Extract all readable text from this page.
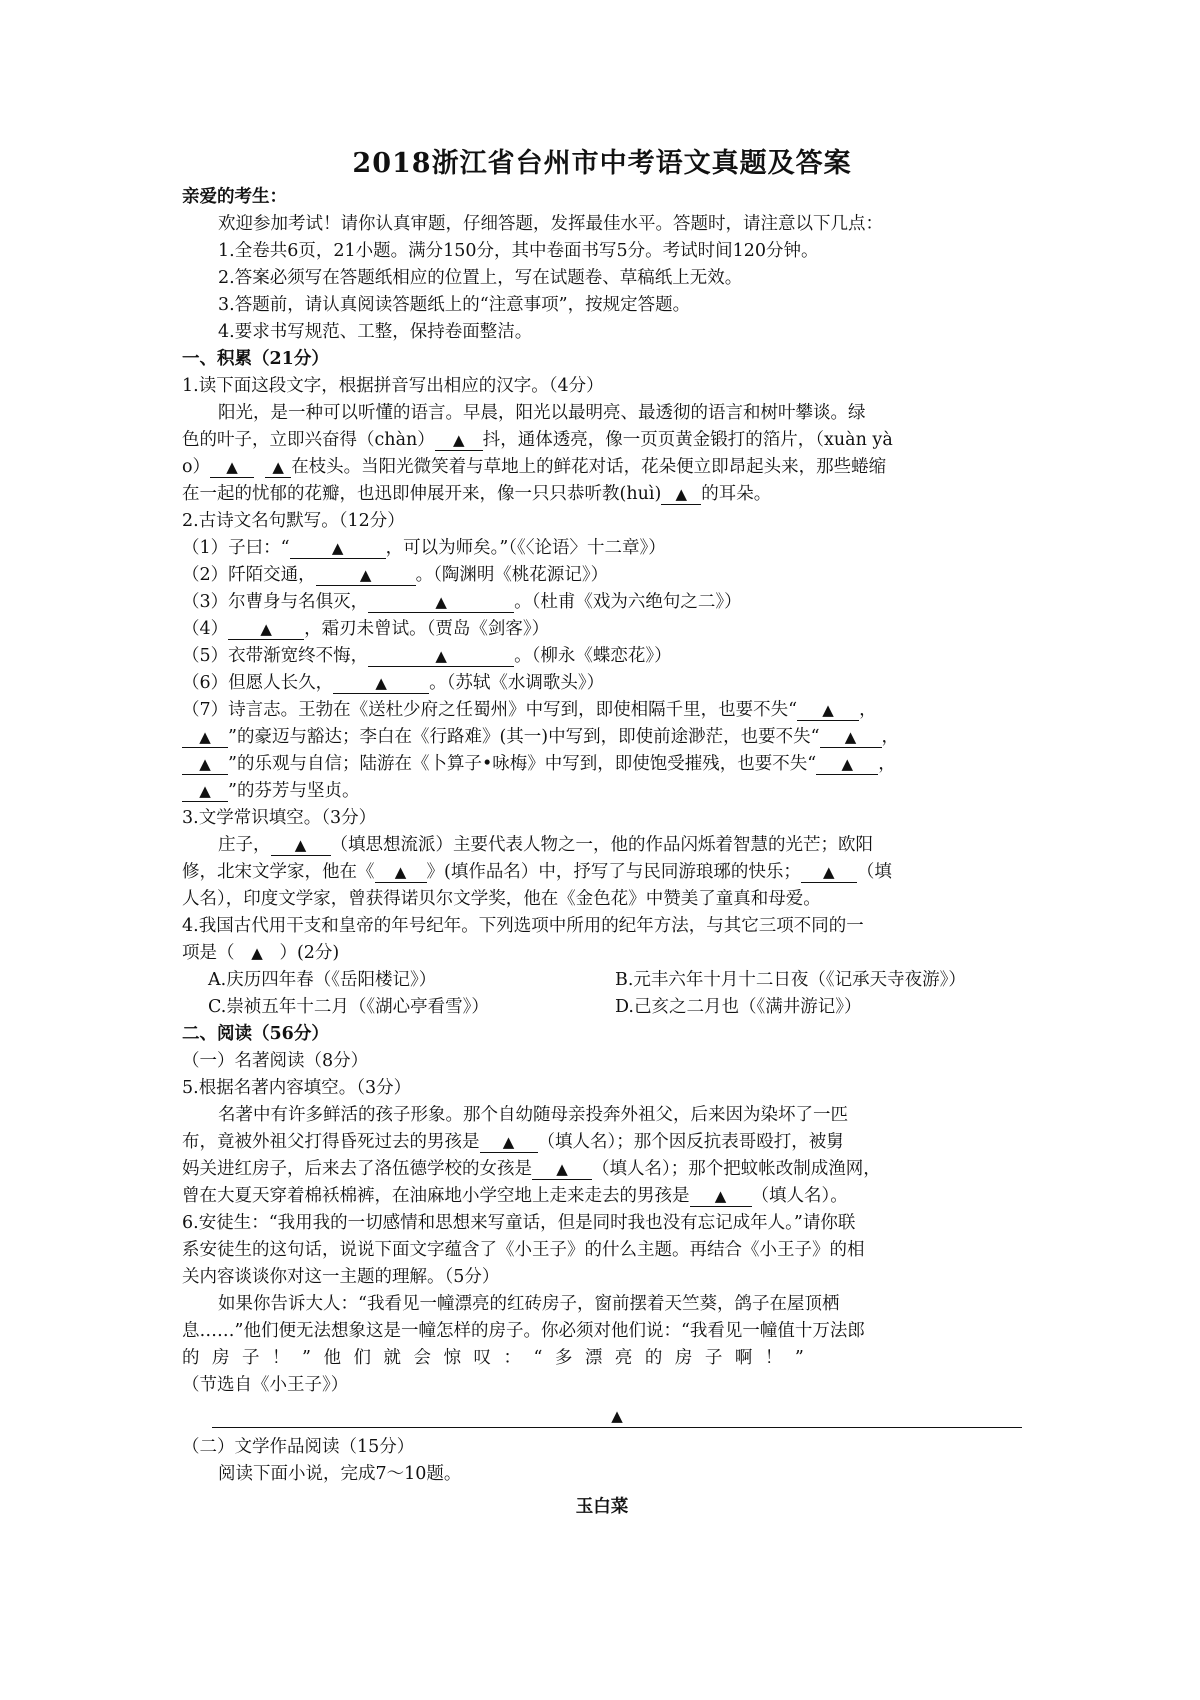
2018浙江省台州市中考语文真题及答案
亲爱的考生：
欢迎参加考试！请你认真审题，仔细答题，发挥最佳水平。答题时，请注意以下几点：
1.全卷共6页，21小题。满分150分，其中卷面书写5分。考试时间120分钟。
2.答案必须写在答题纸相应的位置上，写在试题卷、草稿纸上无效。
3.答题前，请认真阅读答题纸上的“注意事项”，按规定答题。
4.要求书写规范、工整，保持卷面整洁。
一、积累（21分）
1.读下面这段文字，根据拼音写出相应的汉字。（4分）
阳光，是一种可以听懂的语言。早晨，阳光以最明亮、最透彻的语言和树叶攀谈。绿
色的叶子，立即兴奋得（chàn） ▲ 抖，通体透亮，像一页页黄金锻打的箔片，（xuàn yà
o） ▲ ▲ 在枝头。当阳光微笑着与草地上的鲜花对话，花朵便立即昂起头来，那些蜷缩
在一起的忧郁的花瓣，也迅即伸展开来，像一只只恭听教(huì) ▲ 的耳朵。
2.古诗文名句默写。（12分）
（1）子曰：“	▲ ，可以为师矣。”（《〈论语〉十二章》）
（2）阡陌交通，	▲	。（陶渊明《桃花源记》）
（3）尔曹身与名俱灭，	▲	。（杜甫《戏为六绝句之二》）
（4） ▲ ，霜刃未曾试。（贾岛《剑客》）
（5）衣带渐宽终不悔，	▲	。（柳永《蝶恋花》）
（6）但愿人长久，	▲ 。（苏轼《水调歌头》）
（7）诗言志。王勃在《送杜少府之任蜀州》中写到，即使相隔千里，也要不失“ ▲ ，
▲ ”的豪迈与豁达；李白在《行路难》(其一)中写到，即使前途渺茫，也要不失“ ▲ ，
▲ ”的乐观与自信；陆游在《卜算子•咏梅》中写到，即使饱受摧残，也要不失“ ▲ ，
▲ ”的芬芳与坚贞。
3.文学常识填空。（3分）
庄子， ▲ （填思想流派）主要代表人物之一，他的作品闪烁着智慧的光芒；欧阳
修，北宋文学家，他在《 ▲ 》(填作品名）中，抒写了与民同游琅琊的快乐； ▲ （填
人名），印度文学家，曾获得诺贝尔文学奖，他在《金色花》中赞美了童真和母爱。
4.我国古代用干支和皇帝的年号纪年。下列选项中所用的纪年方法，与其它三项不同的一
项是（ ▲ ）(2分)
A.庆历四年春（《岳阳楼记》）	B.元丰六年十月十二日夜（《记承天寺夜游》）
C.崇祯五年十二月（《湖心亭看雪》）	D.己亥之二月也（《满井游记》）
二、阅读（56分）
（一）名著阅读（8分）
5.根据名著内容填空。（3分）
名著中有许多鲜活的孩子形象。那个自幼随母亲投奔外祖父，后来因为染坏了一匹
布，竟被外祖父打得昏死过去的男孩是 ▲ （填人名）；那个因反抗表哥殴打，被舅
妈关进红房子，后来去了洛伍德学校的女孩是 ▲ （填人名）；那个把蚊帐改制成渔网，
曾在大夏天穿着棉袄棉裤，在油麻地小学空地上走来走去的男孩是 ▲ （填人名）。
6.安徒生：“我用我的一切感情和思想来写童话，但是同时我也没有忘记成年人。”请你联
系安徒生的这句话，说说下面文字蕴含了《小王子》的什么主题。再结合《小王子》的相
关内容谈谈你对这一主题的理解。（5分）
如果你告诉大人：“我看见一幢漂亮的红砖房子，窗前摆着天竺葵，鸽子在屋顶栖
息……”他们便无法想象这是一幢怎样的房子。你必须对他们说：“我看见一幢值十万法郎
的房子！”他们就会惊叹：“多漂亮的房子啊！”
（节选自《小王子》）
▲
（二）文学作品阅读（15分）
阅读下面小说，完成7～10题。
玉白菜
